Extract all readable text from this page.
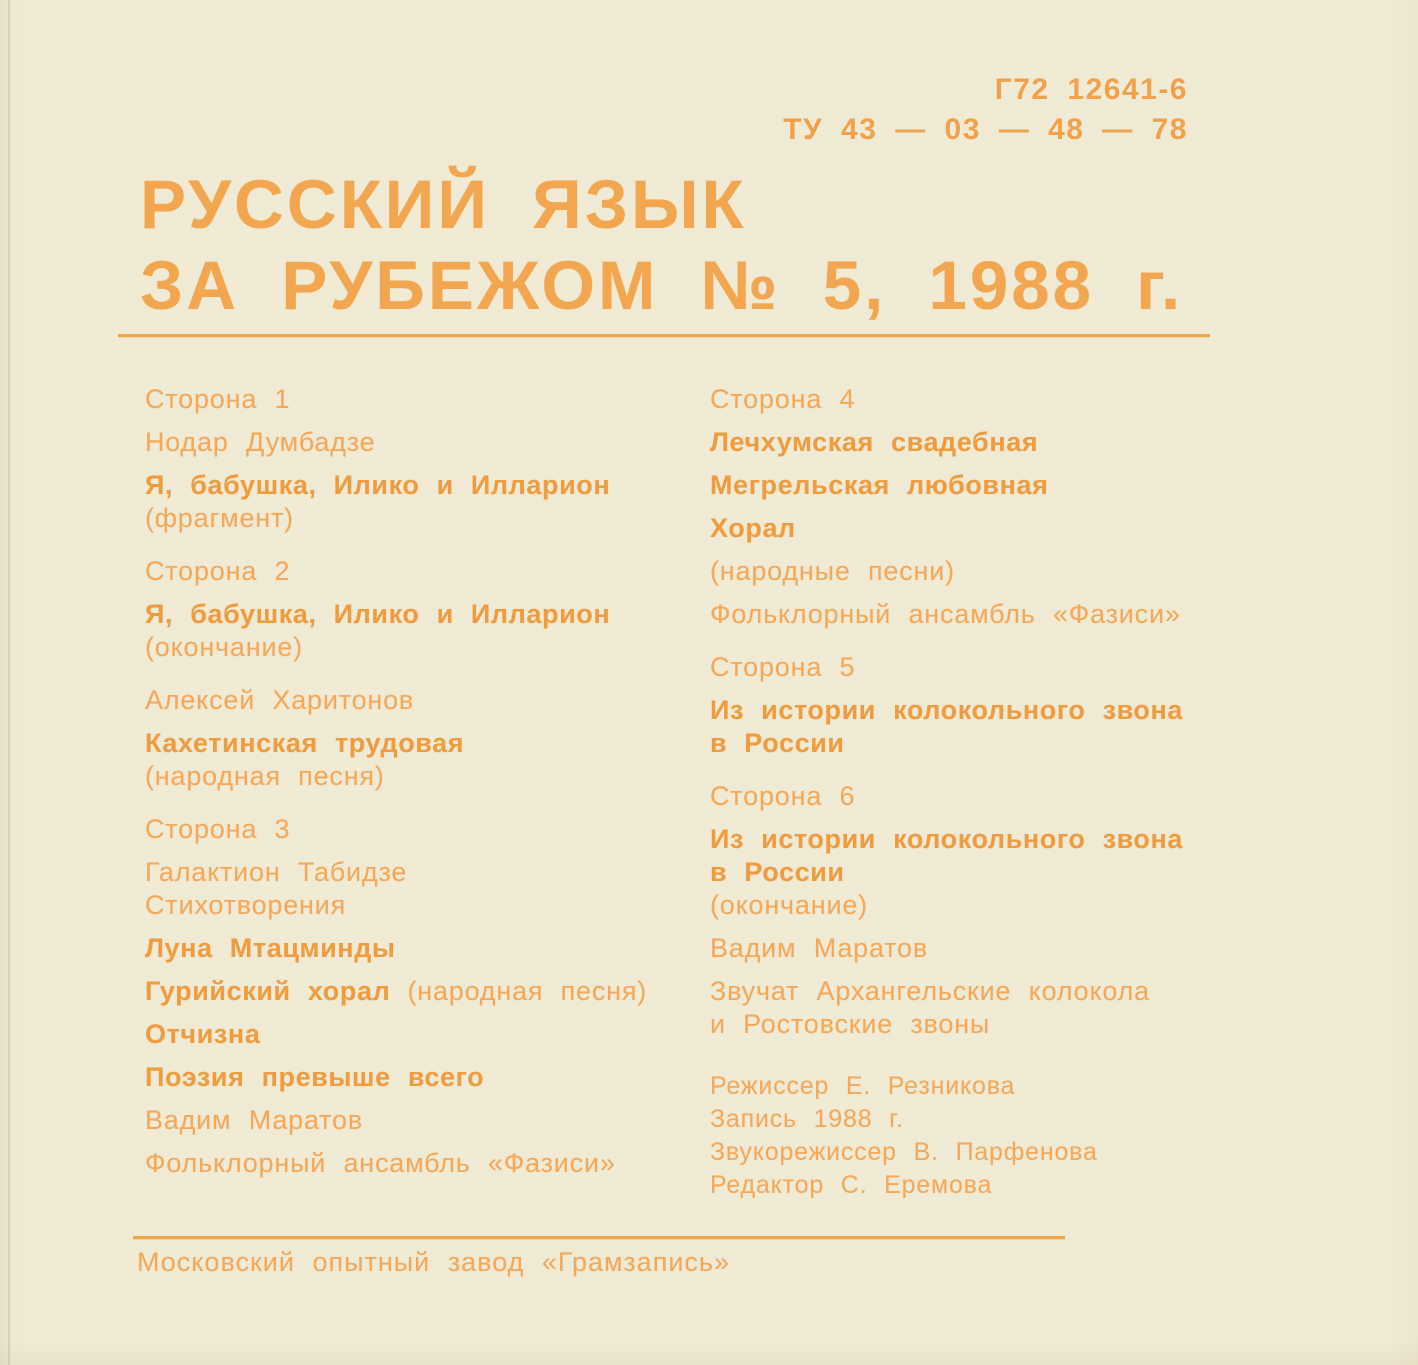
Г72 12641-6
ТУ 43 — 03 — 48 — 78
РУССКИЙ ЯЗЫК
ЗА РУБЕЖОМ № 5, 1988 г.
Сторона 1
Нодар Думбадзе
Я, бабушка, Илико и Илларион
(фрагмент)
Сторона 2
Я, бабушка, Илико и Илларион
(окончание)
Алексей Харитонов
Кахетинская трудовая
(народная песня)
Сторона 3
Галактион Табидзе
Стихотворения
Луна Мтацминды
Гурийский хорал (народная песня)
Отчизна
Поэзия превыше всего
Вадим Маратов
Фольклорный ансамбль «Фазиси»
Сторона 4
Лечхумская свадебная
Мегрельская любовная
Хорал
(народные песни)
Фольклорный ансамбль «Фазиси»
Сторона 5
Из истории колокольного звона
в России
Сторона 6
Из истории колокольного звона
в России
(окончание)
Вадим Маратов
Звучат Архангельские колокола
и Ростовские звоны
Режиссер Е. Резникова
Запись 1988 г.
Звукорежиссер В. Парфенова
Редактор С. Еремова
Московский опытный завод «Грамзапись»
